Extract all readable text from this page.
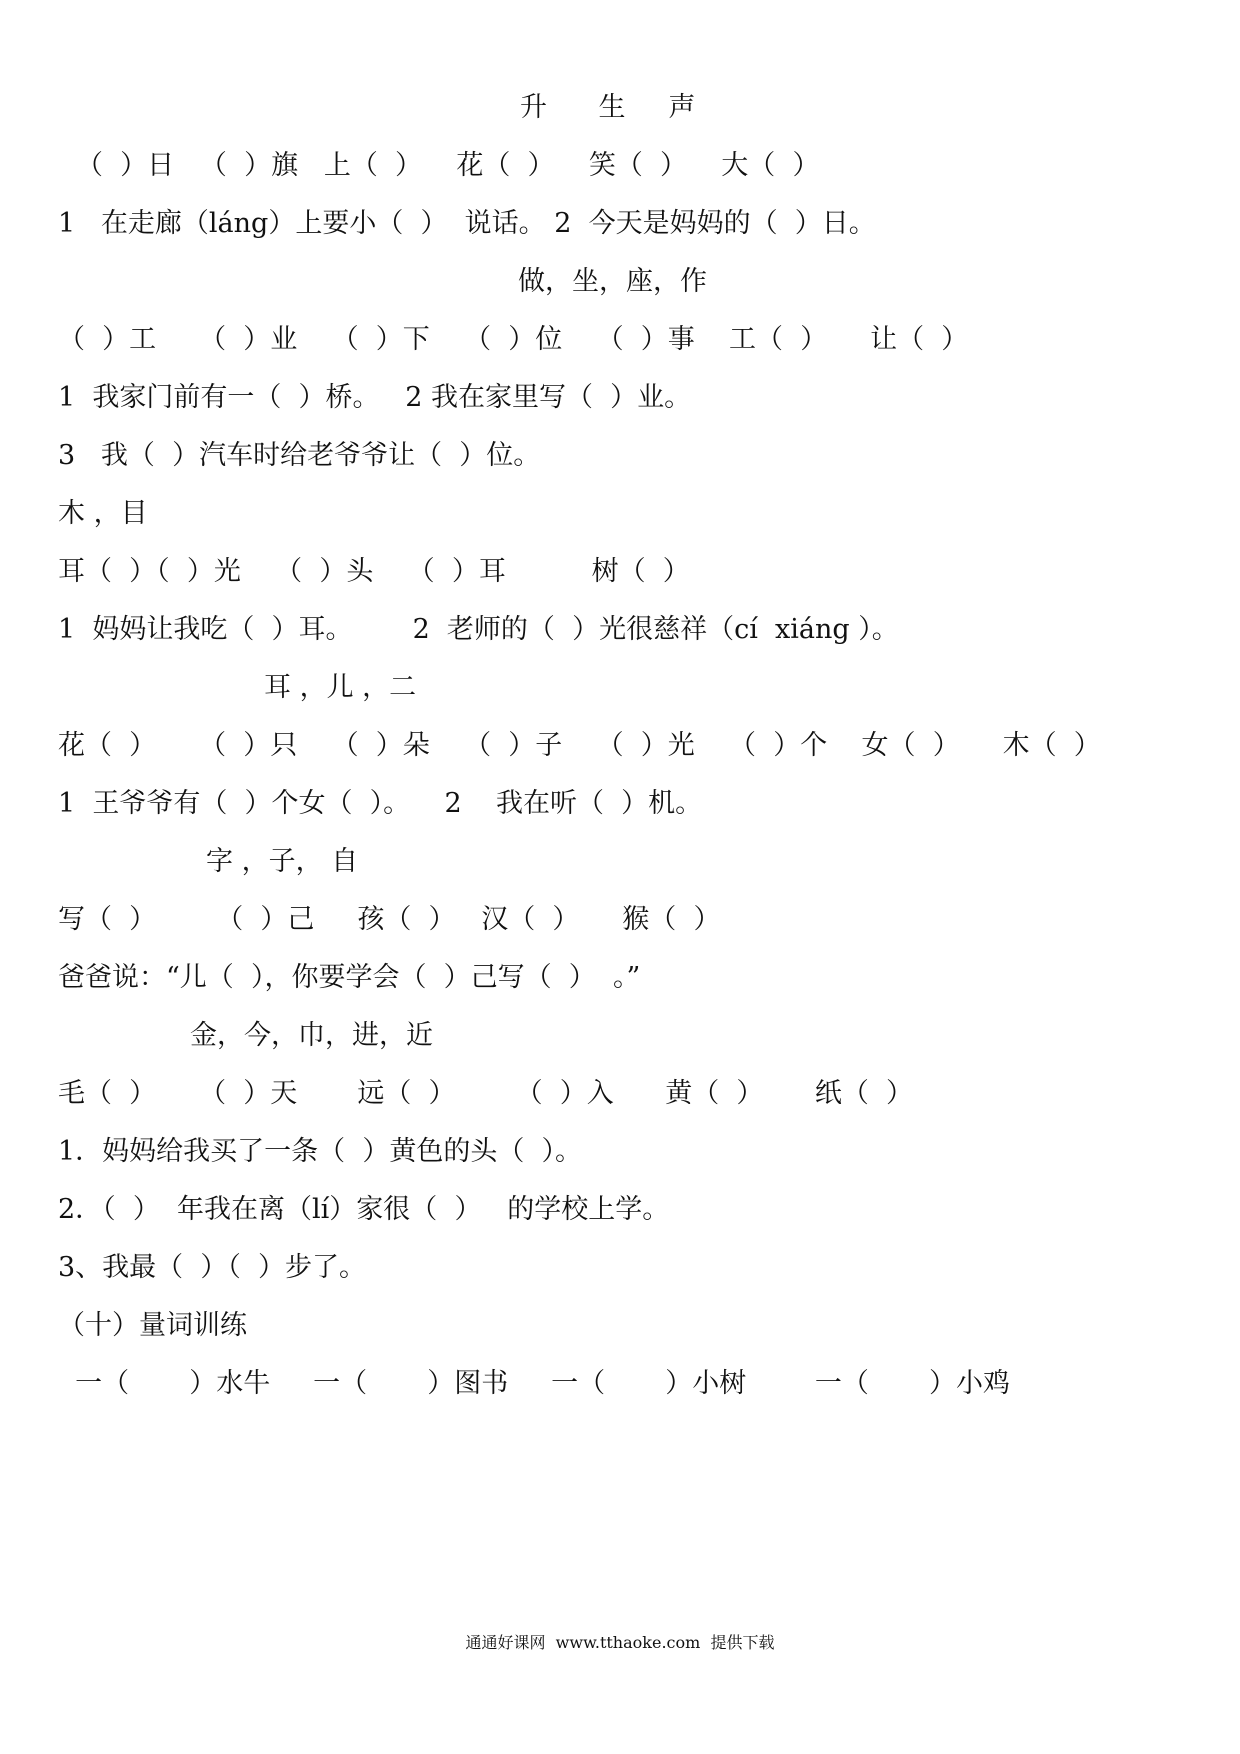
升      生     声
（  ）日   （  ）旗   上（  ）    花（  ）    笑（  ）    大（  ）
1   在走廊（láng）上要小（  ）  说话。 2  今天是妈妈的（  ）日。
做，坐，座，作
（  ）工     （  ）业    （  ）下    （  ）位    （  ）事    工（  ）     让（  ）
1  我家门前有一（  ）桥。   2 我在家里写（  ）业。
3   我（  ）汽车时给老爷爷让（  ）位。
木 ，目
耳（  ）（  ）光    （  ）头    （  ）耳          树（  ）
1  妈妈让我吃（  ）耳。       2  老师的（  ）光很慈祥（cí  xiáng ）。
耳 ，儿 ，二
花（  ）     （  ）只    （  ）朵    （  ）子    （  ）光    （  ）个    女（  ）     木（  ）
1  王爷爷有（  ）个女（  ）。    2    我在听（  ）机。
字 ，子， 自
写（  ）       （  ）己     孩（  ）   汉（  ）     猴（  ）
爸爸说：“儿（  ），你要学会（  ）己写（  ）  。”
金，今，巾，进，近
毛（  ）     （  ）天       远（  ）       （  ）入      黄（  ）      纸（  ）
1．妈妈给我买了一条（  ）黄色的头（  ）。
2．（  ）  年我在离（lí）家很（  ）   的学校上学。
3、我最（  ）（  ）步了。
（十）量词训练
一（       ）水牛     一（       ）图书     一（       ）小树        一（       ）小鸡
通通好课网  www.tthaoke.com  提供下载
